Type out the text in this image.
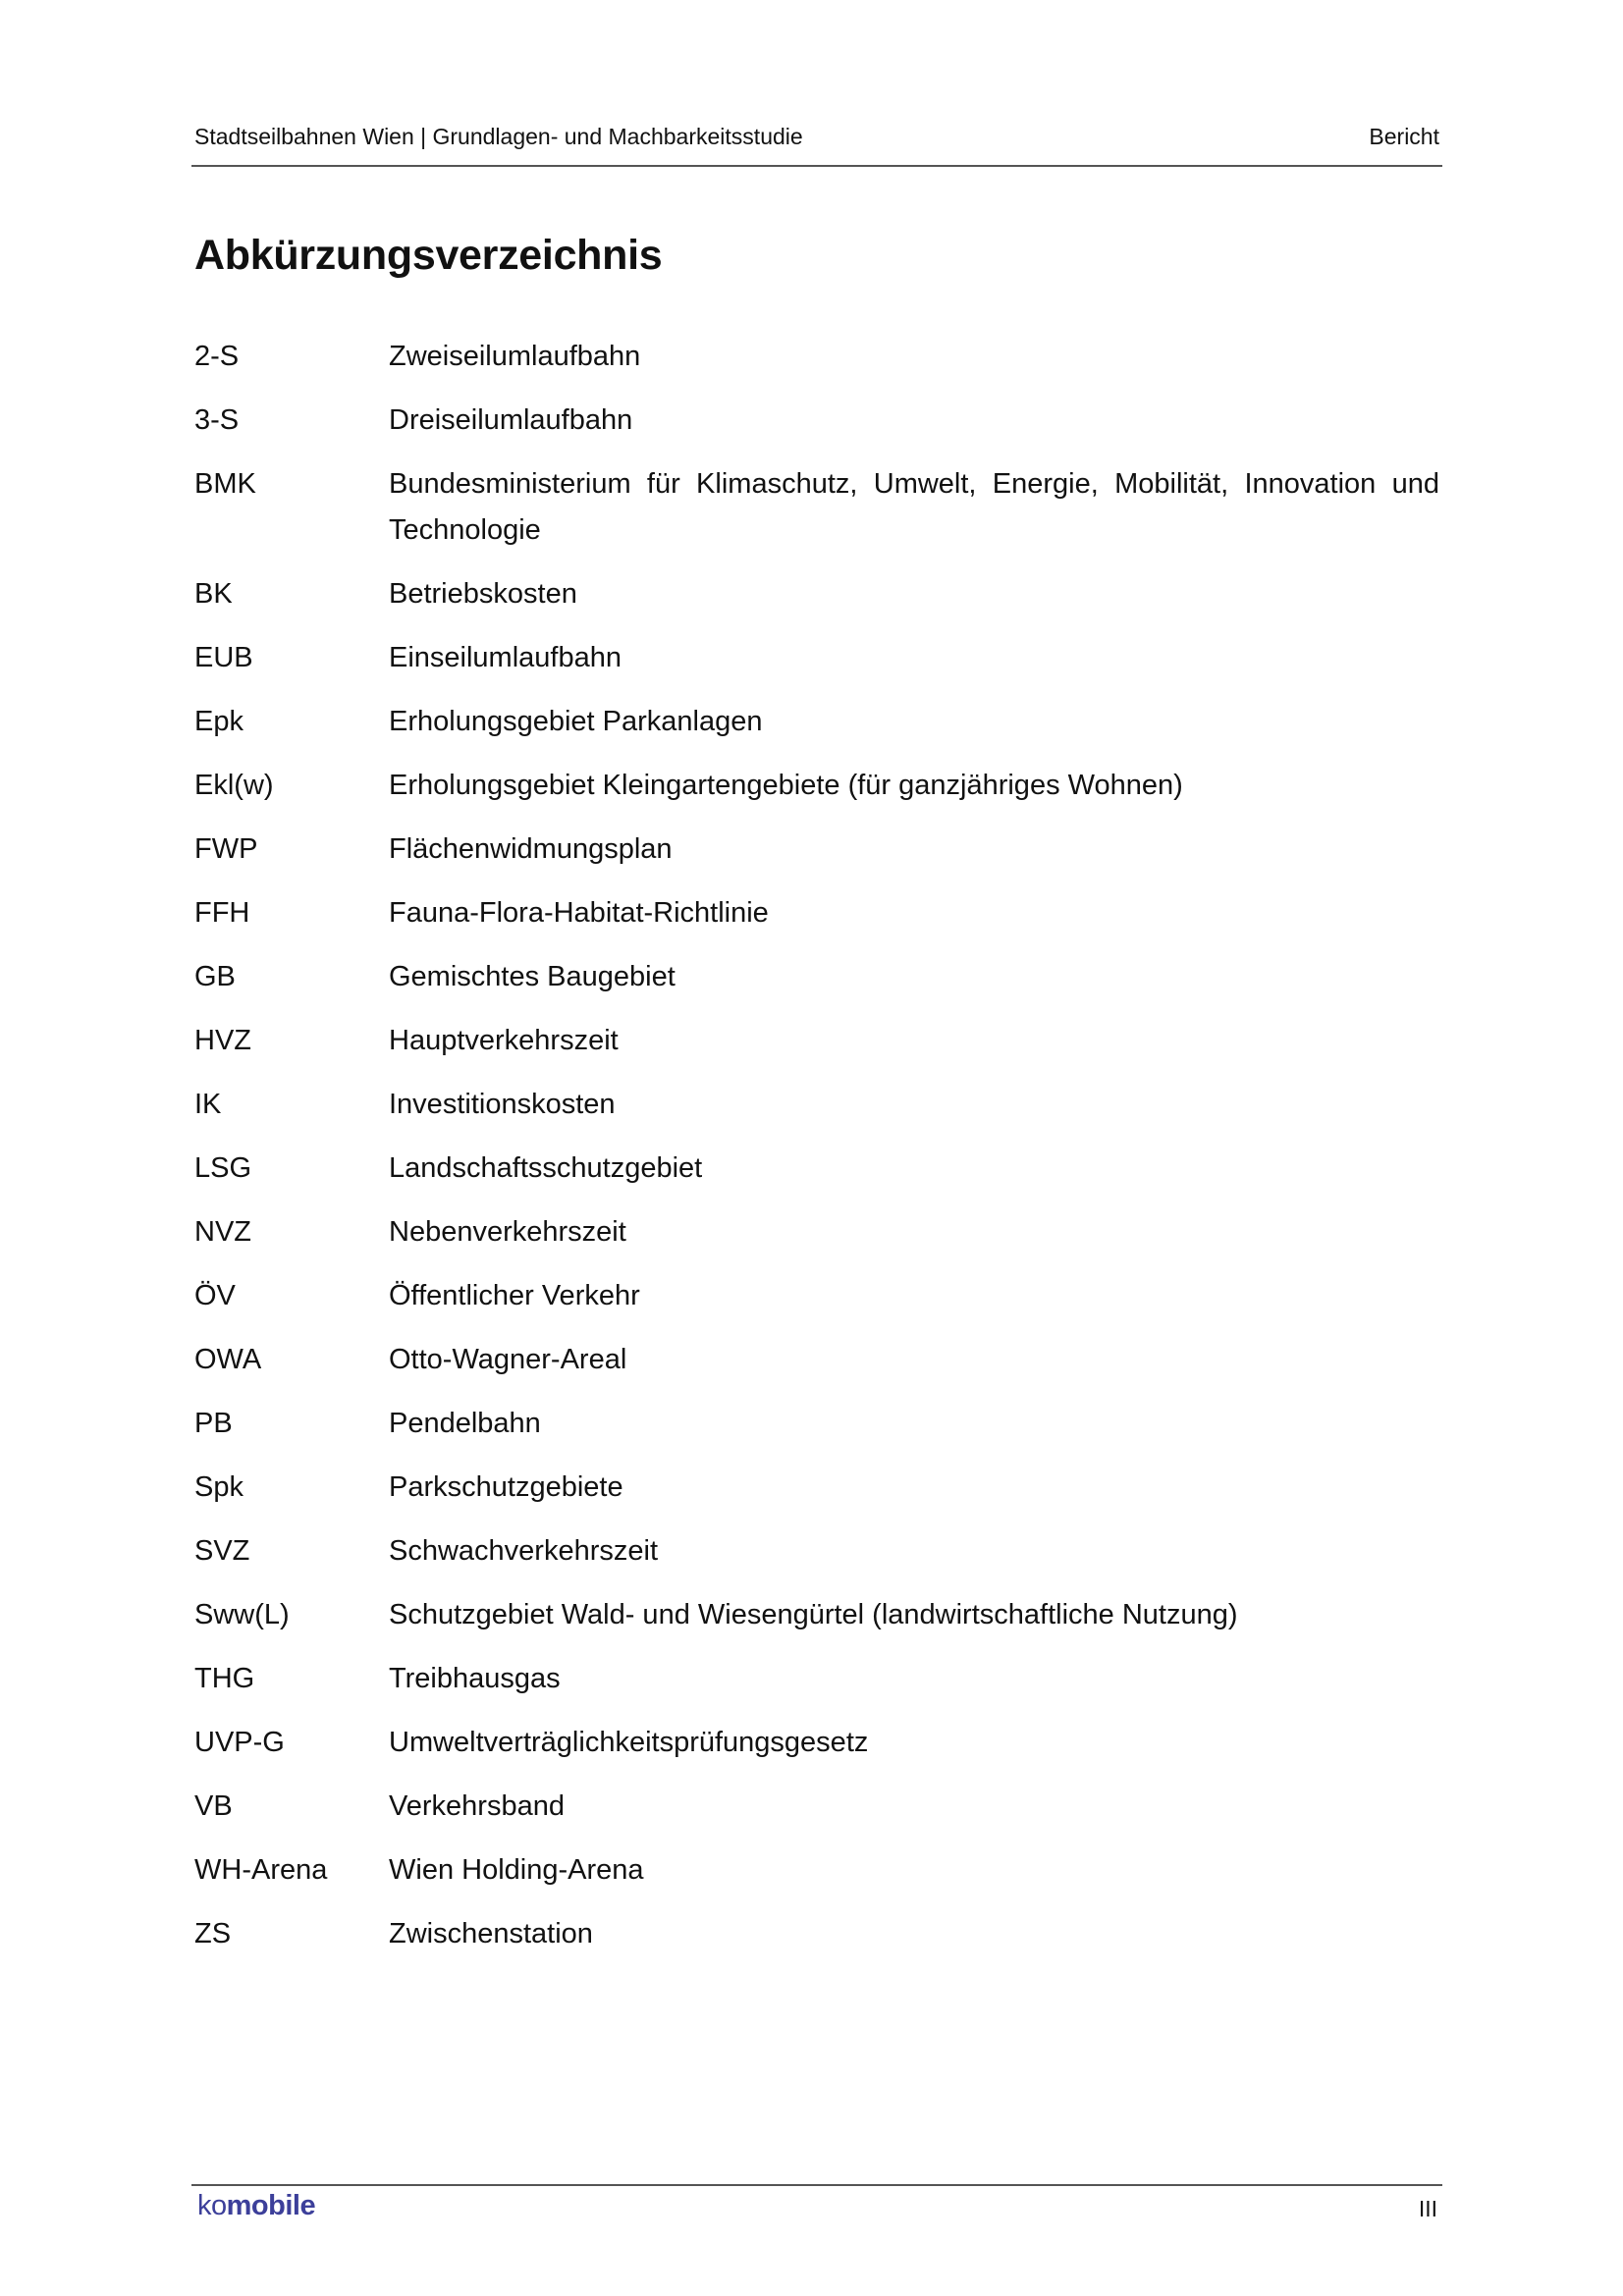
Stadtseilbahnen Wien | Grundlagen- und Machbarkeitsstudie	Bericht
Abkürzungsverzeichnis
2-S	Zweiseilumlaufbahn
3-S	Dreiseilumlaufbahn
BMK	Bundesministerium für Klimaschutz, Umwelt, Energie, Mobilität, Innovation und Technologie
BK	Betriebskosten
EUB	Einseilumlaufbahn
Epk	Erholungsgebiet Parkanlagen
Ekl(w)	Erholungsgebiet Kleingartengebiete (für ganzjähriges Wohnen)
FWP	Flächenwidmungsplan
FFH	Fauna-Flora-Habitat-Richtlinie
GB	Gemischtes Baugebiet
HVZ	Hauptverkehrszeit
IK	Investitionskosten
LSG	Landschaftsschutzgebiet
NVZ	Nebenverkehrszeit
ÖV	Öffentlicher Verkehr
OWA	Otto-Wagner-Areal
PB	Pendelbahn
Spk	Parkschutzgebiete
SVZ	Schwachverkehrszeit
Sww(L)	Schutzgebiet Wald- und Wiesengürtel (landwirtschaftliche Nutzung)
THG	Treibhausgas
UVP-G	Umweltverträglichkeitsprüfungsgesetz
VB	Verkehrsband
WH-Arena	Wien Holding-Arena
ZS	Zwischenstation
komobile	III
